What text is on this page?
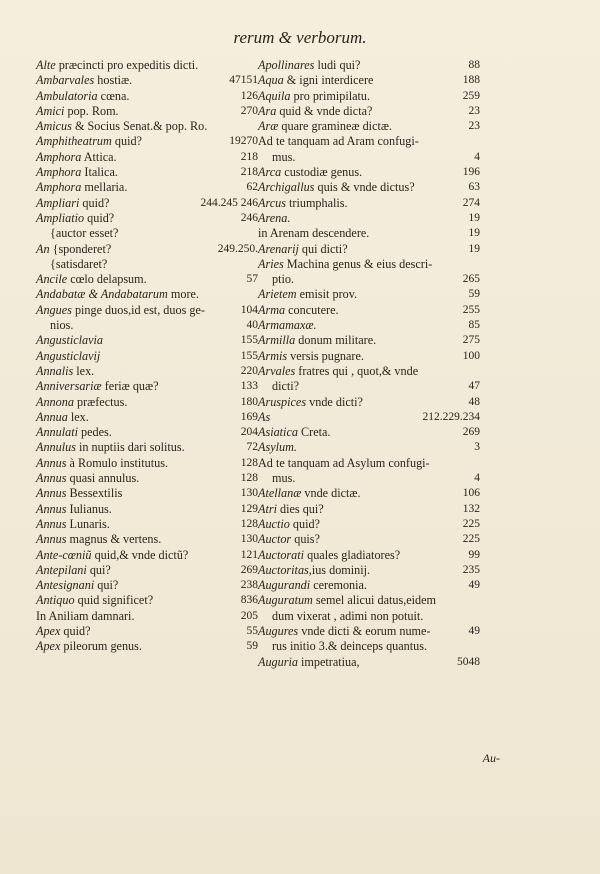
rerum & verborum.
Alte præcincti pro expeditis dicti.
151
47
Ambarvales hostiæ.
126
Ambulatoria cœna.
270
Amici pop. Rom.
Amicus & Socius Senat.& pop. Ro.
270
19
Amphitheatrum quid?
218
Amphora Attica.
218
Amphora Italica.
62
Amphora mellaria.
244.245 246
Ampliari quid?
246
Ampliatio quid?
{auctor esset?
249.250.
An {sponderet?
{satisdaret?
57
Ancile cœlo delapsum.
Andabatæ & Andabatarum more.
104
Angues pinge duos,id est, duos ge-
40
nios.
155
Angusticlavia
155
Angusticlavij
220
Annalis lex.
133
Anniversariæ feriæ quæ?
180
Annona præfectus.
169
Annua lex.
204
Annulati pedes.
72
Annulus in nuptiis dari solitus.
128
Annus à Romulo institutus.
128
Annus quasi annulus.
130
Annus Bessextilis
129
Annus Iulianus.
128
Annus Lunaris.
130
Annus magnus & vertens.
121
Ante-cœniũ quid,& vnde dictũ?
269
Antepilani qui?
238
Antesignani qui?
836
Antiquo quid significet?
205
In Aniliam damnari.
55
Apex quid?
59
Apex pileorum genus.
88
Apollinares ludi qui?
188
Aqua & igni interdicere
259
Aquila pro primipilatu.
23
Ara quid & vnde dicta?
23
Aræ quare gramineæ dictæ.
Ad te tanquam ad Aram confugi-
4
mus.
196
Arca custodiæ genus.
63
Archigallus quis & vnde dictus?
274
Arcus triumphalis.
19
Arena.
19
in Arenam descendere.
19
Arenarij qui dicti?
Aries Machina genus & eius descri-
265
ptio.
59
Arietem emisit prov.
255
Arma concutere.
85
Armamaxæ.
275
Armilla donum militare.
100
Armis versis pugnare.
Arvales fratres qui , quot,& vnde
47
dicti?
48
Aruspices vnde dicti?
212.229.234
As
269
Asiatica Creta.
3
Asylum.
Ad te tanquam ad Asylum confugi-
4
mus.
106
Atellanæ vnde dictæ.
132
Atri dies qui?
225
Auctio quid?
225
Auctor quis?
99
Auctorati quales gladiatores?
235
Auctoritas,ius dominij.
49
Augurandi ceremonia.
Auguratum semel alicui datus,eidem
dum vixerat , adimi non potuit.
49
Augures vnde dicti & eorum nume-
rus initio 3.& deinceps quantus.
48
50
Auguria impetratiua,
Au-
